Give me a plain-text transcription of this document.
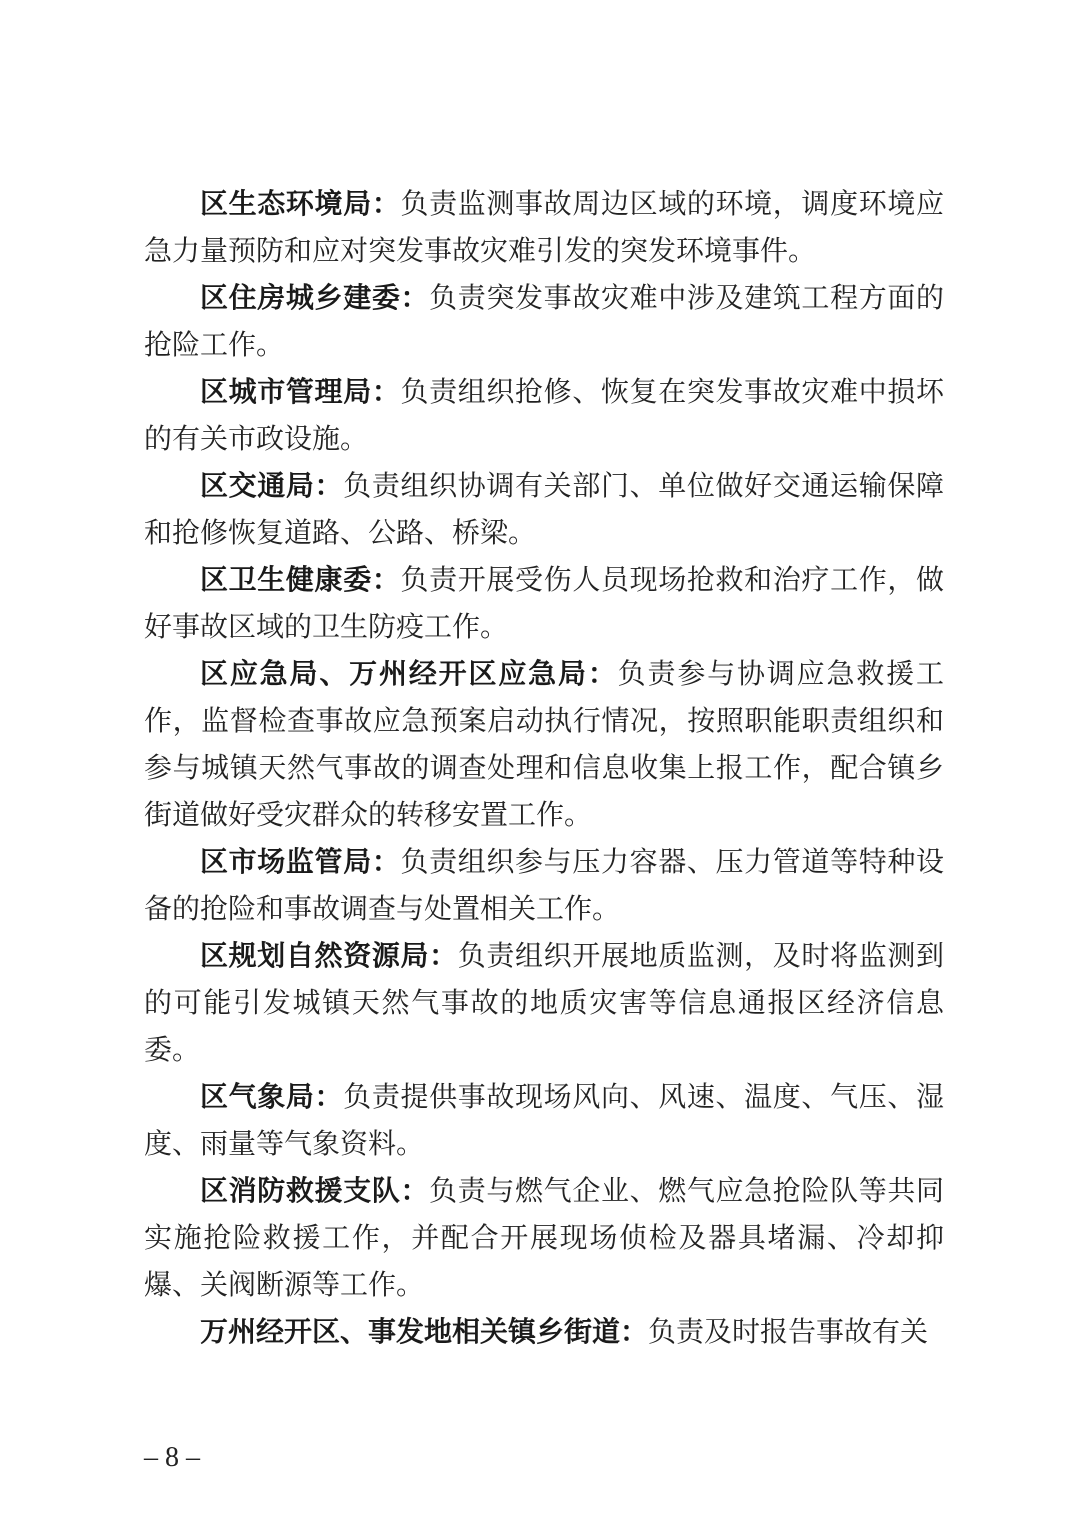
区生态环境局：负责监测事故周边区域的环境，调度环境应急力量预防和应对突发事故灾难引发的突发环境事件。

区住房城乡建委：负责突发事故灾难中涉及建筑工程方面的抢险工作。

区城市管理局：负责组织抢修、恢复在突发事故灾难中损坏的有关市政设施。

区交通局：负责组织协调有关部门、单位做好交通运输保障和抢修恢复道路、公路、桥梁。

区卫生健康委：负责开展受伤人员现场抢救和治疗工作，做好事故区域的卫生防疫工作。

区应急局、万州经开区应急局：负责参与协调应急救援工作，监督检查事故应急预案启动执行情况，按照职能职责组织和参与城镇天然气事故的调查处理和信息收集上报工作，配合镇乡街道做好受灾群众的转移安置工作。

区市场监管局：负责组织参与压力容器、压力管道等特种设备的抢险和事故调查与处置相关工作。

区规划自然资源局：负责组织开展地质监测，及时将监测到的可能引发城镇天然气事故的地质灾害等信息通报区经济信息委。

区气象局：负责提供事故现场风向、风速、温度、气压、湿度、雨量等气象资料。

区消防救援支队：负责与燃气企业、燃气应急抢险队等共同实施抢险救援工作，并配合开展现场侦检及器具堵漏、冷却抑爆、关阀断源等工作。

万州经开区、事发地相关镇乡街道：负责及时报告事故有关

– 8 –
